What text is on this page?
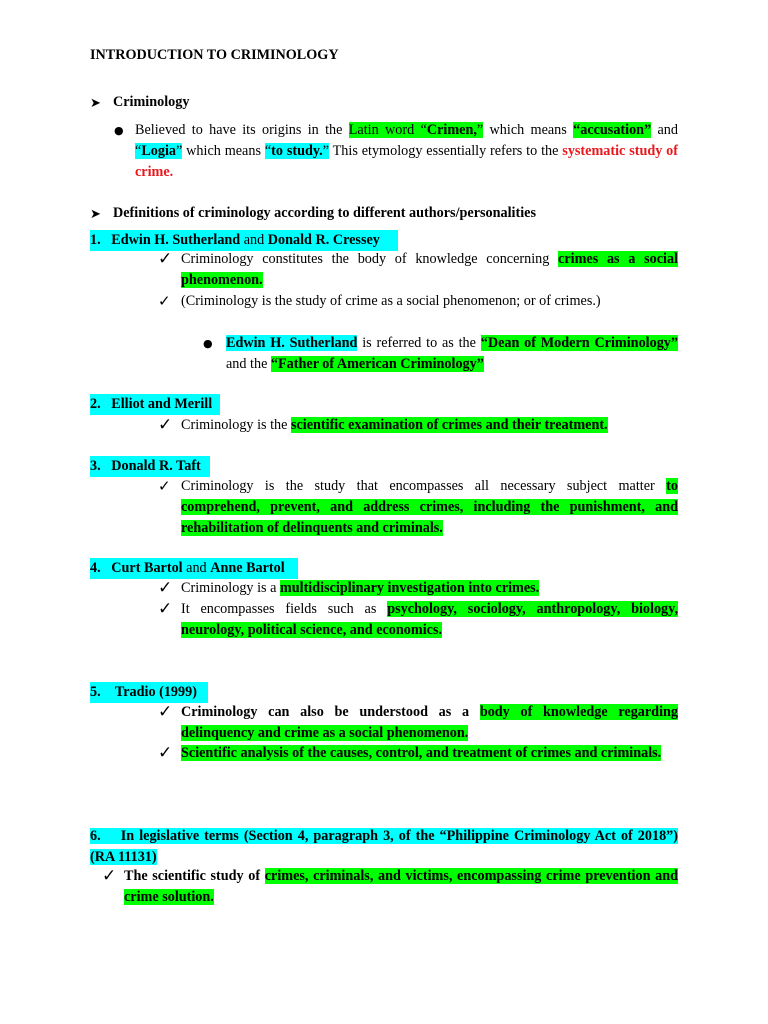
INTRODUCTION TO CRIMINOLOGY
➤ Criminology
● Believed to have its origins in the Latin word “Crimen,” which means “accusation” and “Logia” which means “to study.” This etymology essentially refers to the systematic study of crime.
➤ Definitions of criminology according to different authors/personalities
1. Edwin H. Sutherland and Donald R. Cressey
✓ Criminology constitutes the body of knowledge concerning crimes as a social phenomenon.
✓ (Criminology is the study of crime as a social phenomenon; or of crimes.)
● Edwin H. Sutherland is referred to as the “Dean of Modern Criminology” and the “Father of American Criminology”
2. Elliot and Merill
✓ Criminology is the scientific examination of crimes and their treatment.
3. Donald R. Taft
✓ Criminology is the study that encompasses all necessary subject matter to comprehend, prevent, and address crimes, including the punishment, and rehabilitation of delinquents and criminals.
4. Curt Bartol and Anne Bartol
✓ Criminology is a multidisciplinary investigation into crimes.
✓ It encompasses fields such as psychology, sociology, anthropology, biology, neurology, political science, and economics.
5. Tradio (1999)
✓ Criminology can also be understood as a body of knowledge regarding delinquency and crime as a social phenomenon.
✓ Scientific analysis of the causes, control, and treatment of crimes and criminals.
6. In legislative terms (Section 4, paragraph 3, of the “Philippine Criminology Act of 2018”) (RA 11131)
✓ The scientific study of crimes, criminals, and victims, encompassing crime prevention and crime solution.
